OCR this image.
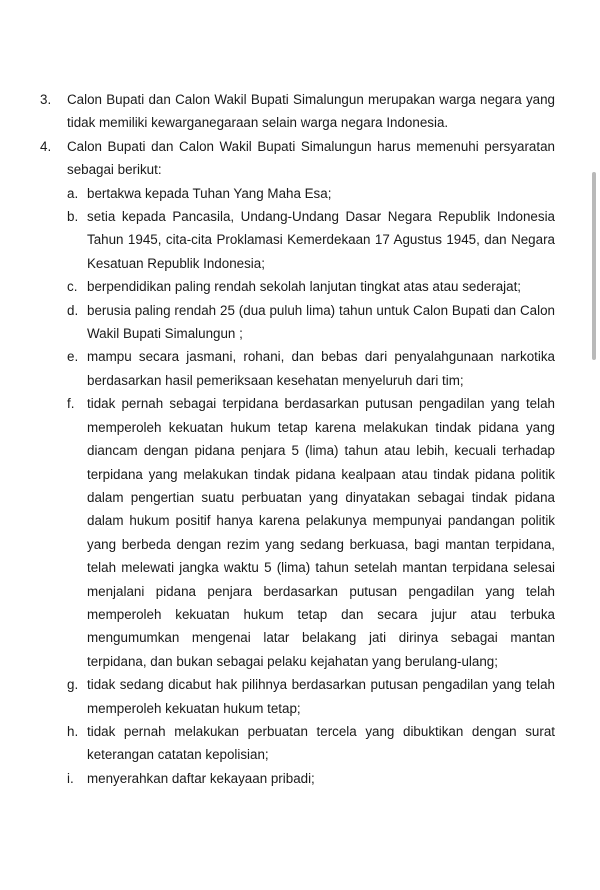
3. Calon Bupati dan Calon Wakil Bupati Simalungun merupakan warga negara yang tidak memiliki kewarganegaraan selain warga negara Indonesia.
4. Calon Bupati dan Calon Wakil Bupati Simalungun harus memenuhi persyaratan sebagai berikut:
a. bertakwa kepada Tuhan Yang Maha Esa;
b. setia kepada Pancasila, Undang-Undang Dasar Negara Republik Indonesia Tahun 1945, cita-cita Proklamasi Kemerdekaan 17 Agustus 1945, dan Negara Kesatuan Republik Indonesia;
c. berpendidikan paling rendah sekolah lanjutan tingkat atas atau sederajat;
d. berusia paling rendah 25 (dua puluh lima) tahun untuk Calon Bupati dan Calon Wakil Bupati Simalungun ;
e. mampu secara jasmani, rohani, dan bebas dari penyalahgunaan narkotika berdasarkan hasil pemeriksaan kesehatan menyeluruh dari tim;
f. tidak pernah sebagai terpidana berdasarkan putusan pengadilan yang telah memperoleh kekuatan hukum tetap karena melakukan tindak pidana yang diancam dengan pidana penjara 5 (lima) tahun atau lebih, kecuali terhadap terpidana yang melakukan tindak pidana kealpaan atau tindak pidana politik dalam pengertian suatu perbuatan yang dinyatakan sebagai tindak pidana dalam hukum positif hanya karena pelakunya mempunyai pandangan politik yang berbeda dengan rezim yang sedang berkuasa, bagi mantan terpidana, telah melewati jangka waktu 5 (lima) tahun setelah mantan terpidana selesai menjalani pidana penjara berdasarkan putusan pengadilan yang telah memperoleh kekuatan hukum tetap dan secara jujur atau terbuka mengumumkan mengenai latar belakang jati dirinya sebagai mantan terpidana, dan bukan sebagai pelaku kejahatan yang berulang-ulang;
g. tidak sedang dicabut hak pilihnya berdasarkan putusan pengadilan yang telah memperoleh kekuatan hukum tetap;
h. tidak pernah melakukan perbuatan tercela yang dibuktikan dengan surat keterangan catatan kepolisian;
i. menyerahkan daftar kekayaan pribadi;
